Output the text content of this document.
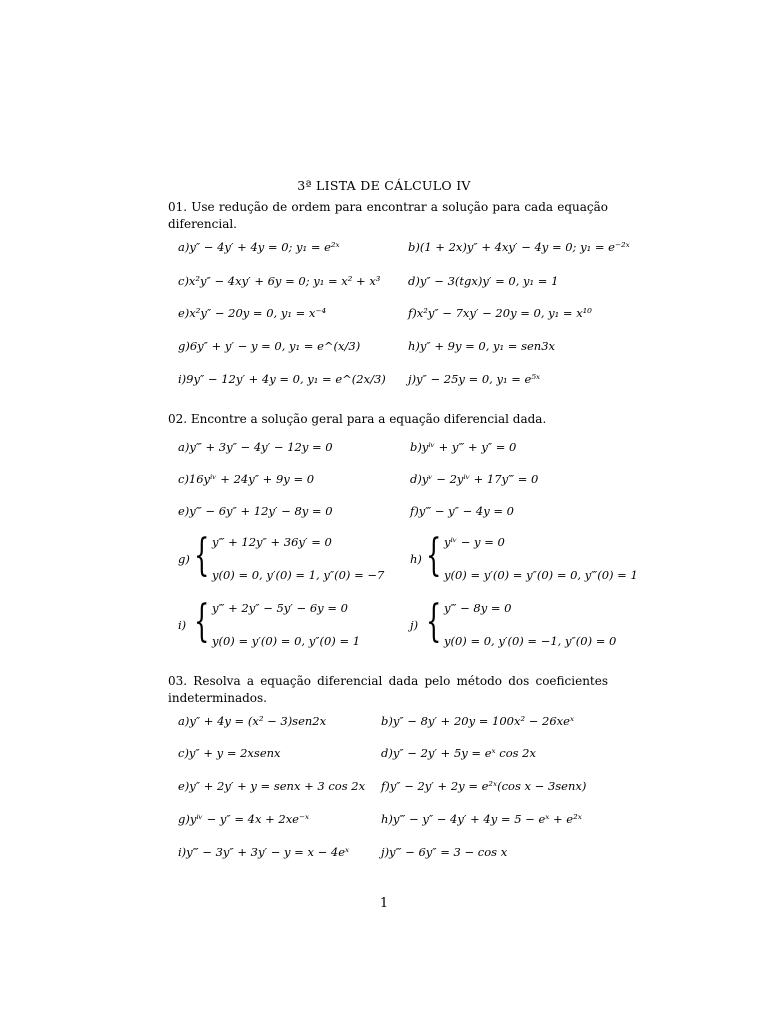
3ª LISTA DE CÁLCULO IV
01. Use redução de ordem para encontrar a solução para cada equação diferencial.
a)y″ − 4y′ + 4y = 0; y₁ = e²ˣ	b)(1 + 2x)y″ + 4xy′ − 4y = 0; y₁ = e⁻²ˣ
c)x²y″ − 4xy′ + 6y = 0; y₁ = x² + x³ d)y″ − 3(tgx)y′ = 0, y₁ = 1
e)x²y″ − 20y = 0, y₁ = x⁻⁴	f)x²y″ − 7xy′ − 20y = 0, y₁ = x¹⁰
g)6y″ + y′ − y = 0, y₁ = e^(x/3)	h)y″ + 9y = 0, y₁ = sen3x
i)9y″ − 12y′ + 4y = 0, y₁ = e^(2x/3) j)y″ − 25y = 0, y₁ = e⁵ˣ
02. Encontre a solução geral para a equação diferencial dada.
a)y‴ + 3y″ − 4y′ − 12y = 0	b)yⁱᵛ + y‴ + y″ = 0
c)16yⁱᵛ + 24y″ + 9y = 0	d)yᵛ − 2yⁱᵛ + 17y‴ = 0
e)y‴ − 6y″ + 12y′ − 8y = 0	f)y‴ − y″ − 4y = 0
g) { y‴ + 12y″ + 36y′ = 0
y(0) = 0, y′(0) = 1, y″(0) = −7
h) { yⁱᵛ − y = 0
y(0) = y′(0) = y″(0) = 0, y‴(0) = 1
i) { y‴ + 2y″ − 5y′ − 6y = 0
y(0) = y′(0) = 0, y″(0) = 1
j) { y‴ − 8y = 0
y(0) = 0, y′(0) = −1, y″(0) = 0
03. Resolva a equação diferencial dada pelo método dos coeficientes indeterminados.
a)y″ + 4y = (x² − 3)sen2x	b)y″ − 8y′ + 20y = 100x² − 26xeˣ
c)y″ + y = 2xsenx	d)y″ − 2y′ + 5y = eˣ cos 2x
e)y″ + 2y′ + y = senx + 3 cos 2x f)y″ − 2y′ + 2y = e²ˣ(cos x − 3senx)
g)yⁱᵛ − y″ = 4x + 2xe⁻ˣ	h)y‴ − y″ − 4y′ + 4y = 5 − eˣ + e²ˣ
i)y‴ − 3y″ + 3y′ − y = x − 4eˣ	j)y‴ − 6y″ = 3 − cos x
1
